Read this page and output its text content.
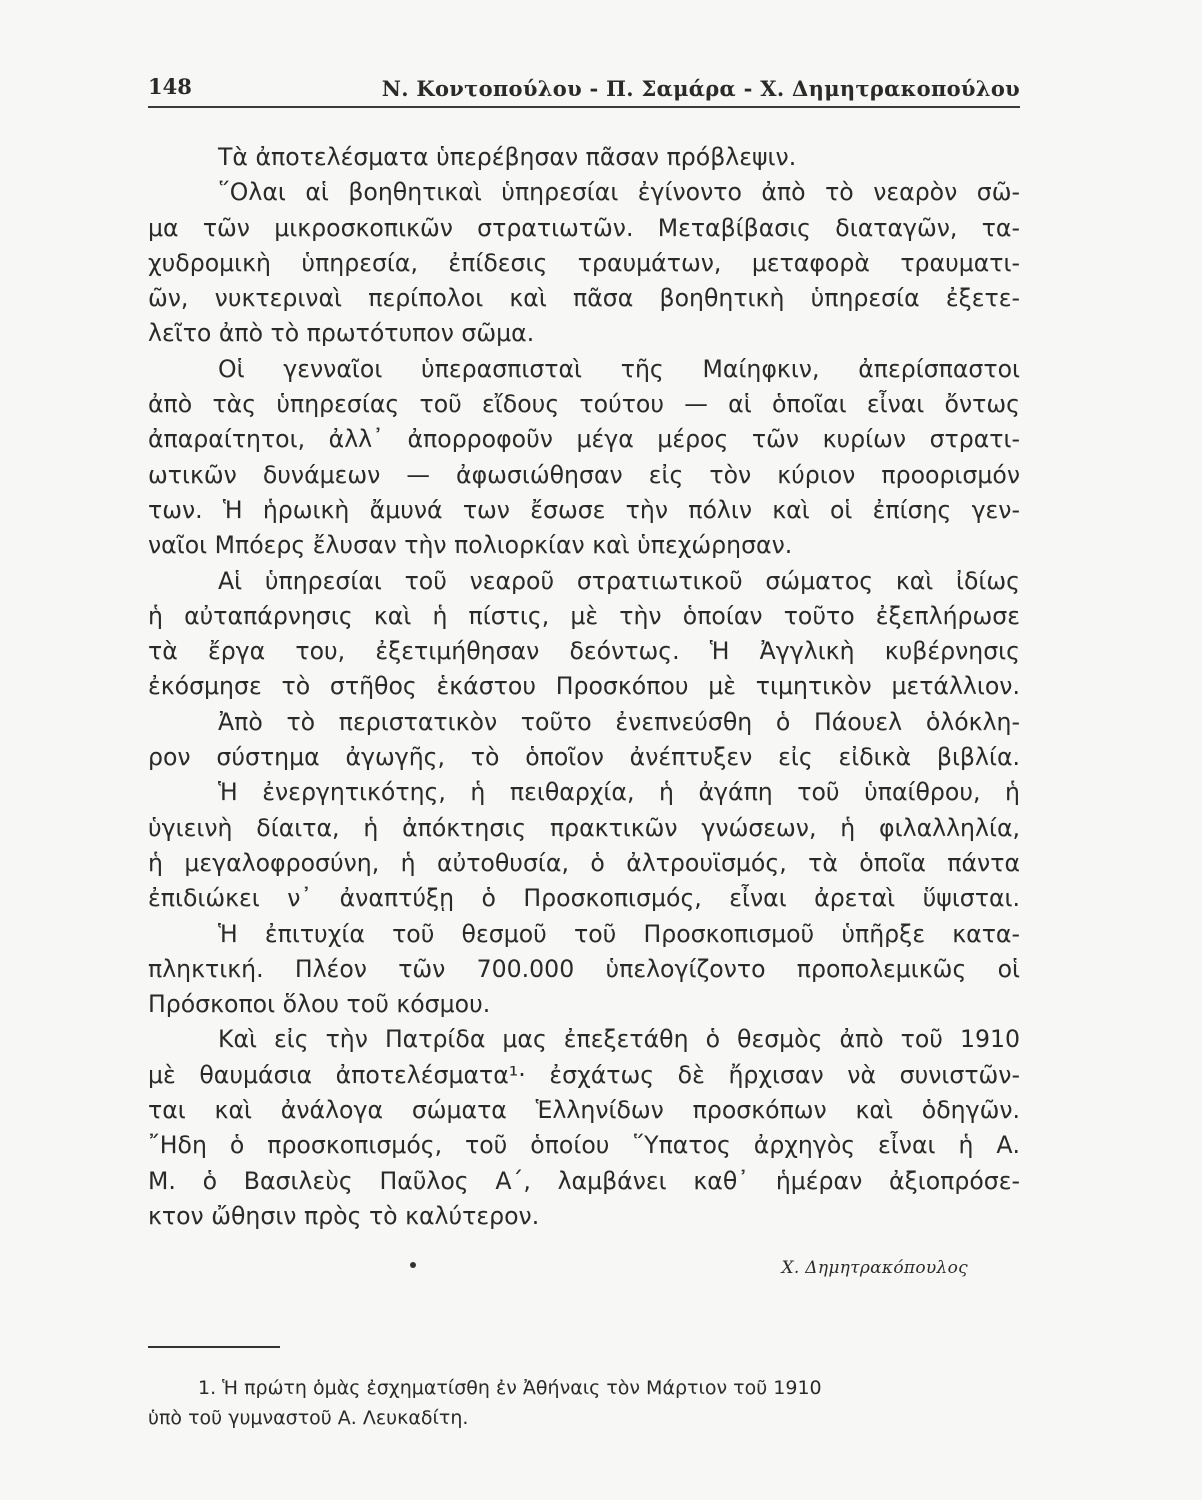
148	Ν. Κοντοπούλου - Π. Σαμάρα - Χ. Δημητρακοπούλου
Τὰ ἀποτελέσματα ὑπερέβησαν πᾶσαν πρόβλεψιν.
῞Ολαι αἱ βοηθητικαὶ ὑπηρεσίαι ἐγίνοντο ἀπὸ τὸ νεαρὸν σῶ-
μα τῶν μικροσκοπικῶν στρατιωτῶν. Μεταβίβασις διαταγῶν, τα-
χυδρομικὴ ὑπηρεσία, ἐπίδεσις τραυμάτων, μεταφορὰ τραυματι-
ῶν, νυκτεριναὶ περίπολοι καὶ πᾶσα βοηθητικὴ ὑπηρεσία ἐξετε-
λεῖτο ἀπὸ τὸ πρωτότυπον σῶμα.
Οἱ γενναῖοι ὑπερασπισταὶ τῆς Μαίηφκιν, ἀπερίσπαστοι
ἀπὸ τὰς ὑπηρεσίας τοῦ εἴδους τούτου — αἱ ὁποῖαι εἶναι ὄντως
ἀπαραίτητοι, ἀλλ᾿ ἀπορροφοῦν μέγα μέρος τῶν κυρίων στρατι-
ωτικῶν δυνάμεων — ἀφωσιώθησαν εἰς τὸν κύριον προορισμόν
των. Ἡ ἡρωικὴ ἄμυνά των ἔσωσε τὴν πόλιν καὶ οἱ ἐπίσης γεν-
ναῖοι Μπόερς ἔλυσαν τὴν πολιορκίαν καὶ ὑπεχώρησαν.
Αἱ ὑπηρεσίαι τοῦ νεαροῦ στρατιωτικοῦ σώματος καὶ ἰδίως
ἡ αὐταπάρνησις καὶ ἡ πίστις, μὲ τὴν ὁποίαν τοῦτο ἐξεπλήρωσε
τὰ ἔργα του, ἐξετιμήθησαν δεόντως. Ἡ Ἀγγλικὴ κυβέρνησις
ἐκόσμησε τὸ στῆθος ἑκάστου Προσκόπου μὲ τιμητικὸν μετάλλιον.
Ἀπὸ τὸ περιστατικὸν τοῦτο ἐνεπνεύσθη ὁ Πάουελ ὁλόκλη-
ρον σύστημα ἀγωγῆς, τὸ ὁποῖον ἀνέπτυξεν εἰς εἰδικὰ βιβλία.
Ἡ ἐνεργητικότης, ἡ πειθαρχία, ἡ ἀγάπη τοῦ ὑπαίθρου, ἡ
ὑγιεινὴ δίαιτα, ἡ ἀπόκτησις πρακτικῶν γνώσεων, ἡ φιλαλληλία,
ἡ μεγαλοφροσύνη, ἡ αὐτοθυσία, ὁ ἀλτρουϊσμός, τὰ ὁποῖα πάντα
ἐπιδιώκει ν᾿ ἀναπτύξῃ ὁ Προσκοπισμός, εἶναι ἀρεταὶ ὕψισται.
Ἡ ἐπιτυχία τοῦ θεσμοῦ τοῦ Προσκοπισμοῦ ὑπῆρξε κατα-
πληκτική. Πλέον τῶν 700.000 ὑπελογίζοντο προπολεμικῶς οἱ
Πρόσκοποι ὅλου τοῦ κόσμου.
Καὶ εἰς τὴν Πατρίδα μας ἐπεξετάθη ὁ θεσμὸς ἀπὸ τοῦ 1910
μὲ θαυμάσια ἀποτελέσματα¹· ἐσχάτως δὲ ἤρχισαν νὰ συνιστῶν-
ται καὶ ἀνάλογα σώματα Ἑλληνίδων προσκόπων καὶ ὁδηγῶν.
῎Ηδη ὁ προσκοπισμός, τοῦ ὁποίου ῞Υπατος ἀρχηγὸς εἶναι ἡ Α.
Μ. ὁ Βασιλεὺς Παῦλος Α΄, λαμβάνει καθ᾿ ἡμέραν ἀξιοπρόσε-
κτον ὤθησιν πρὸς τὸ καλύτερον.
Χ. Δημητρακόπουλος
1. Ἡ πρώτη ὁμὰς ἐσχηματίσθη ἐν Ἀθήναις τὸν Μάρτιον τοῦ 1910
ὑπὸ τοῦ γυμναστοῦ Α. Λευκαδίτη.
